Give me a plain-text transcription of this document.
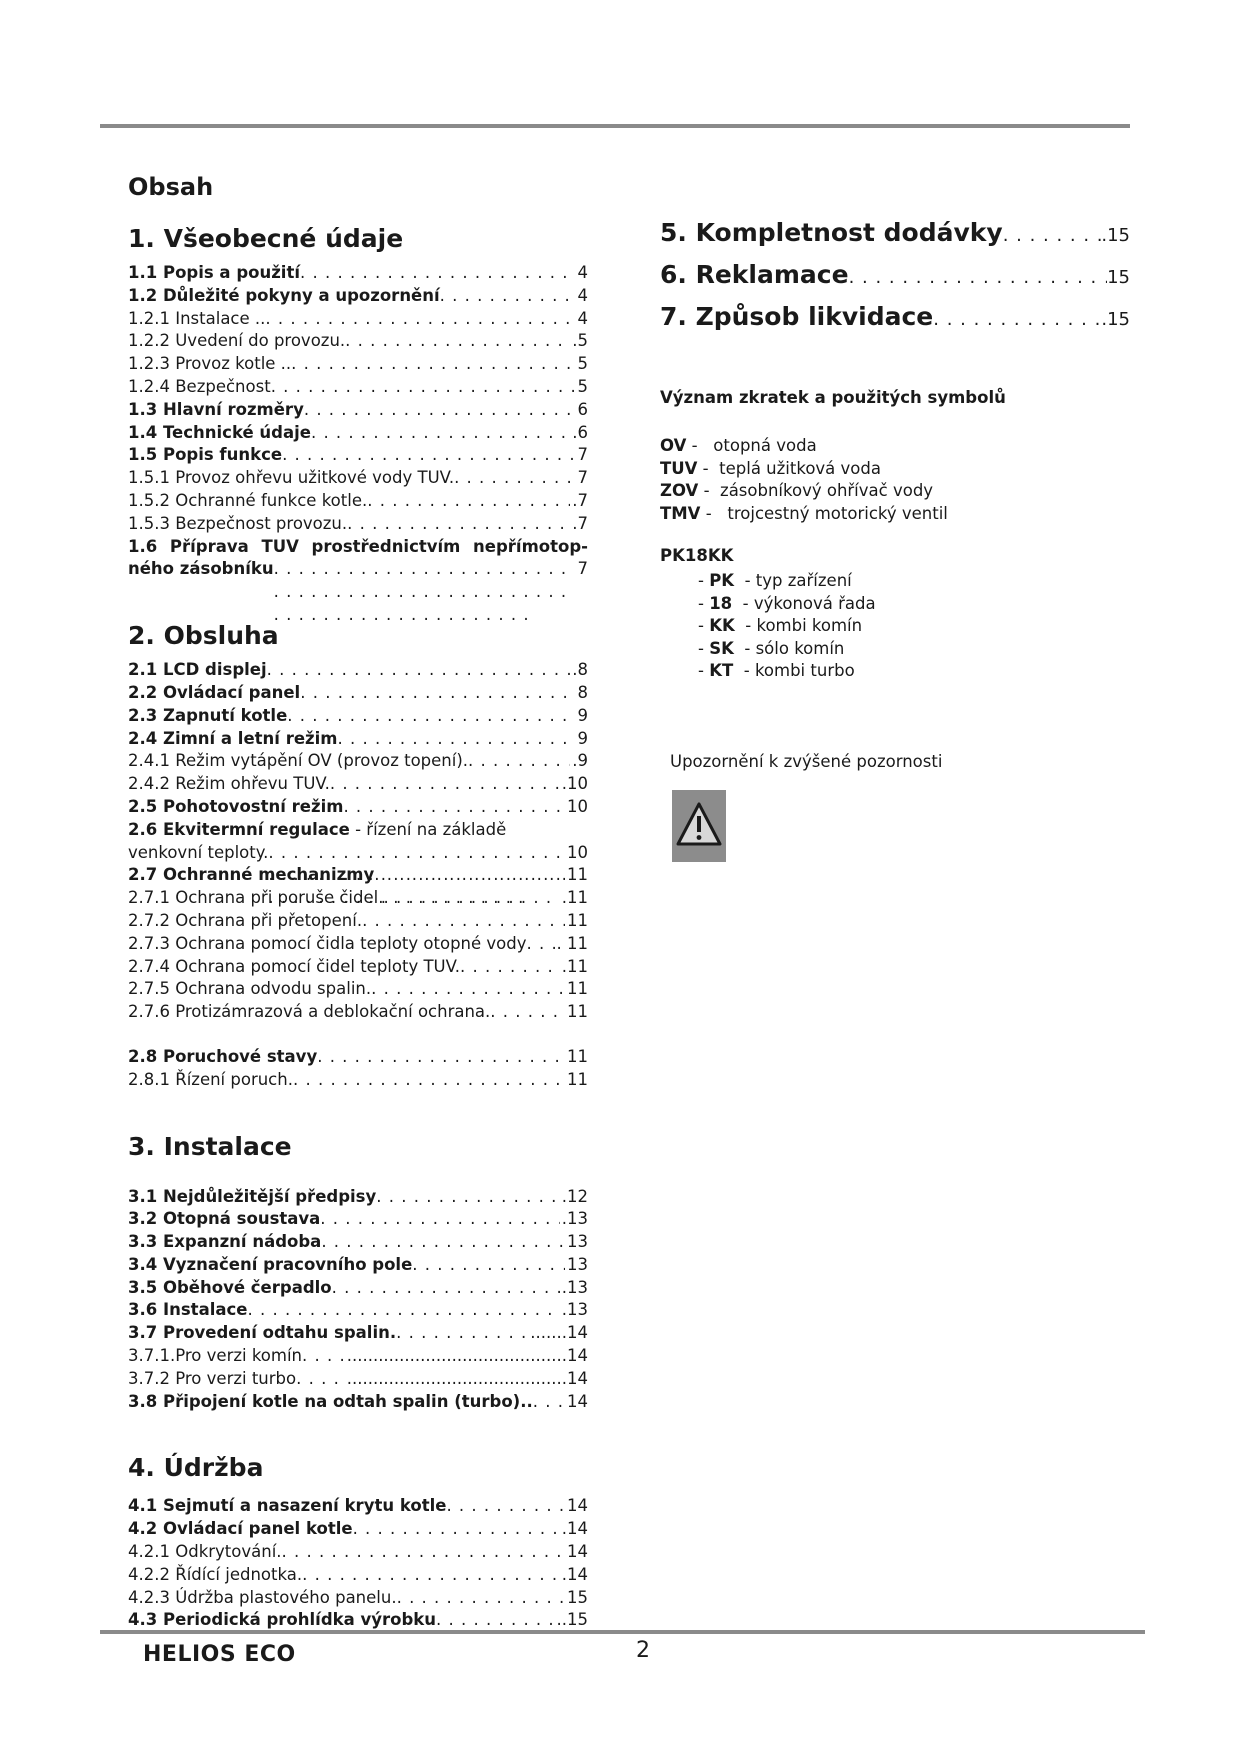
Obsah
1. Všeobecné údaje
1.1 Popis a použití . . .	4
1.2 Důležité pokyny a upozornění . . .	4
1.2.1 Instalace .. . . .	4
1.2.2 Uvedení do provozu. . . .	.5
1.2.3 Provoz kotle .. . . .	5
1.2.4 Bezpečnost . . .	5
1.3 Hlavní rozměry . . .	6
1.4 Technické údaje . . .	.6
1.5 Popis funkce . . .	7
1.5.1 Provoz ohřevu užitkové vody TUV. . . .	7
1.5.2 Ochranné funkce kotle. . . .	.7
1.5.3 Bezpečnost provozu. . . .	.7
1.6 Příprava TUV prostřednictvím nepřímotop-
ného zásobníku . . .	7
2. Obsluha
2.1 LCD displej . . .	.8
2.2 Ovládací panel . . .	8
2.3 Zapnutí kotle . . .	9
2.4 Zimní a letní režim . . .	9
2.4.1 Režim vytápění OV (provoz topení). . . .	.9
2.4.2 Režim ohřevu TUV. . . .	.10
2.5 Pohotovostní režim . . .	10
2.6 Ekvitermní regulace - řízení na základě
venkovní teploty. . . .	10
2.7 Ochranné mechanizmy . . .	11
2.7.1 Ochrana při poruše čidel. . . .	.11
2.7.2 Ochrana při přetopení. . . .	11
2.7.3 Ochrana pomocí čidla teploty otopné vody . . . . 11
2.7.4 Ochrana pomocí čidel teploty TUV. . . .	.11
2.7.5 Ochrana odvodu spalin. . . .	11
2.7.6 Protizámrazová a deblokační ochrana. . . .	11
2.8 Poruchové stavy . . .	11
2.8.1 Řízení poruch. . . .	11
3. Instalace
3.1 Nejdůležitější předpisy . . .	.12
3.2 Otopná soustava . . .	.13
3.3 Expanzní nádoba . . .	13
3.4 Vyznačení pracovního pole . . .	13
3.5 Oběhové čerpadlo . . .	.13
3.6 Instalace . . .	.13
3.7 Provedení odtahu spalin. . . .	.......14
3.7.1.Pro verzi komín . . .	..........................................14
3.7.2 Pro verzi turbo . . .	..........................................14
3.8 Připojení kotle na odtah spalin (turbo).. . . . 14
4. Údržba
4.1 Sejmutí a nasazení krytu kotle . . .	14
4.2 Ovládací panel kotle . . .	.14
4.2.1 Odkrytování. . . .	14
4.2.2 Řídící jednotka. . . .	.14
4.2.3 Údržba plastového panelu. . . .	15
4.3 Periodická prohlídka výrobku . . .	..15
5. Kompletnost dodávky . . .	.15
6. Reklamace . . .	15
7. Způsob likvidace . . .	.15
Význam zkratek a použitých symbolů
OV -   otopná voda
TUV -  teplá užitková voda
ZOV -  zásobníkový ohřívač vody
TMV -   trojcestný motorický ventil
PK18KK
- PK  - typ zařízení
- 18  - výkonová řada
- KK  - kombi komín
- SK  - sólo komín
- KT  - kombi turbo
Upozornění k zvýšené pozornosti
HELIOS ECO	2
